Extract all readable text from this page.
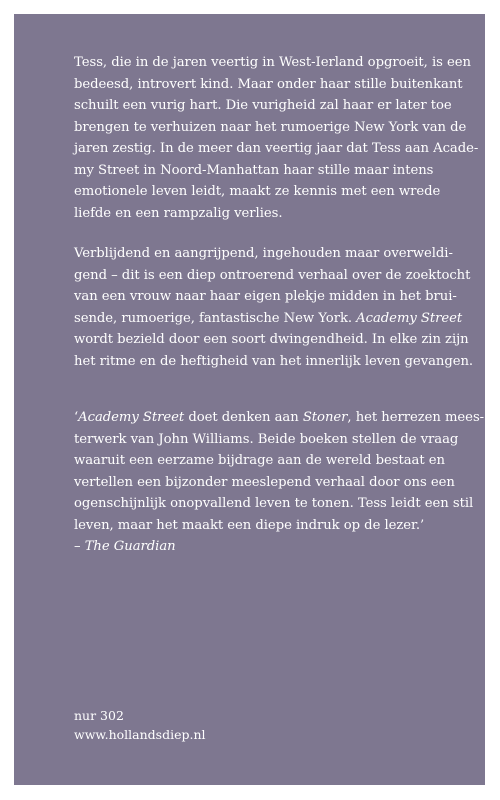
Tess, die in de jaren veertig in West-Ierland opgroeit, is een
bedeesd, introvert kind. Maar onder haar stille buitenkant
schuilt een vurig hart. Die vurigheid zal haar er later toe
brengen te verhuizen naar het rumoerige New York van de
jaren zestig. In de meer dan veertig jaar dat Tess aan Acade-
my Street in Noord-Manhattan haar stille maar intens
emotionele leven leidt, maakt ze kennis met een wrede
liefde en een rampzalig verlies.

Verblijdend en aangrijpend, ingehouden maar overweldi-
gend – dit is een diep ontroerend verhaal over de zoektocht
van een vrouw naar haar eigen plekje midden in het brui-
sende, rumoerige, fantastische New York. Academy Street
wordt bezield door een soort dwingendheid. In elke zin zijn
het ritme en de heftigheid van het innerlijk leven gevangen.

‘Academy Street doet denken aan Stoner, het herrezen mees-
terwerk van John Williams. Beide boeken stellen de vraag
waaruit een eerzame bijdrage aan de wereld bestaat en
vertellen een bijzonder meeslepend verhaal door ons een
ogenschijnlijk onopvallend leven te tonen. Tess leidt een stil
leven, maar het maakt een diepe indruk op de lezer.’
– The Guardian

nur 302
www.hollandsdiep.nl
